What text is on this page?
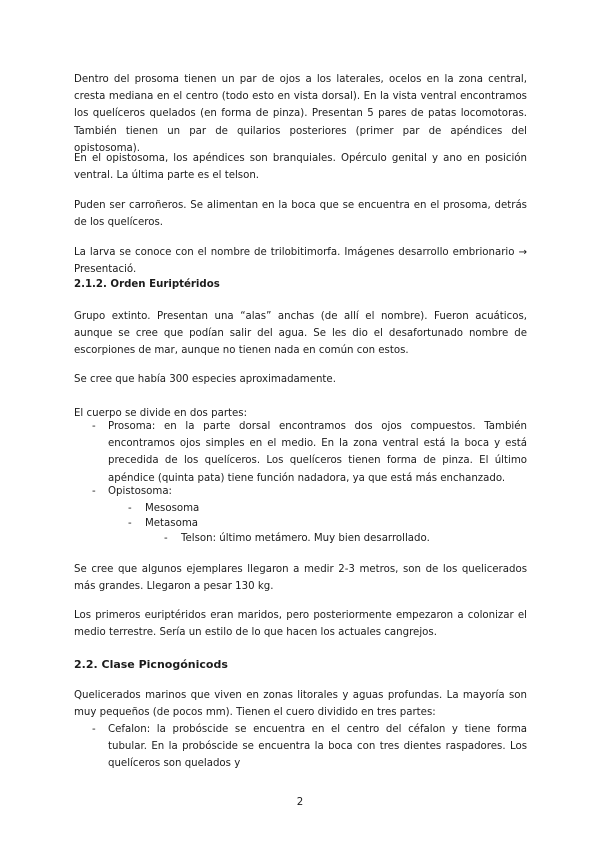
Dentro del prosoma tienen un par de ojos a los laterales, ocelos en la zona central, cresta mediana en el centro (todo esto en vista dorsal). En la vista ventral encontramos los quelíceros quelados (en forma de pinza). Presentan 5 pares de patas locomotoras. También tienen un par de quilarios posteriores (primer par de apéndices del opistosoma).

En el opistosoma, los apéndices son branquiales. Opérculo genital y ano en posición ventral. La última parte es el telson.

Puden ser carroñeros. Se alimentan en la boca que se encuentra en el prosoma, detrás de los quelíceros.

La larva se conoce con el nombre de trilobitimorfa. Imágenes desarrollo embrionario → Presentació.

2.1.2. Orden Euriptéridos

Grupo extinto. Presentan una “alas” anchas (de allí el nombre). Fueron acuáticos, aunque se cree que podían salir del agua. Se les dio el desafortunado nombre de escorpiones de mar, aunque no tienen nada en común con estos.

Se cree que había 300 especies aproximadamente.

El cuerpo se divide en dos partes:

- Prosoma: en la parte dorsal encontramos dos ojos compuestos. También encontramos ojos simples en el medio. En la zona ventral está la boca y está precedida de los quelíceros. Los quelíceros tienen forma de pinza. El último apéndice (quinta pata) tiene función nadadora, ya que está más enchanzado.

- Opistosoma:

- Mesosoma

- Metasoma

- Telson: último metámero. Muy bien desarrollado.

Se cree que algunos ejemplares llegaron a medir 2-3 metros, son de los quelicerados más grandes. Llegaron a pesar 130 kg.

Los primeros euriptéridos eran maridos, pero posteriormente empezaron a colonizar el medio terrestre. Sería un estilo de lo que hacen los actuales cangrejos.

2.2. Clase Picnogónicods

Quelicerados marinos que viven en zonas litorales y aguas profundas. La mayoría son muy pequeños (de pocos mm). Tienen el cuero dividido en tres partes:

- Cefalon: la probóscide se encuentra en el centro del céfalon y tiene forma tubular. En la probóscide se encuentra la boca con tres dientes raspadores. Los quelíceros son quelados y

2
